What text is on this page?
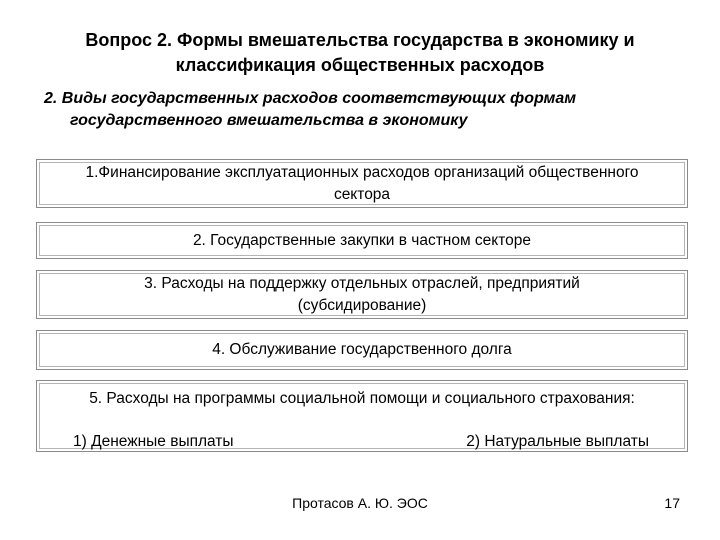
Вопрос 2. Формы вмешательства государства в экономику и
классификация общественных расходов
2. Виды государственных расходов соответствующих формам
государственного вмешательства в экономику
1.Финансирование эксплуатационных расходов организаций общественного
сектора
2. Государственные закупки в частном секторе
3. Расходы на поддержку отдельных отраслей, предприятий
(субсидирование)
4. Обслуживание государственного долга
5. Расходы на программы социальной помощи и социального страхования:
1) Денежные выплаты	2) Натуральные выплаты
Протасов А. Ю. ЭОС	17
